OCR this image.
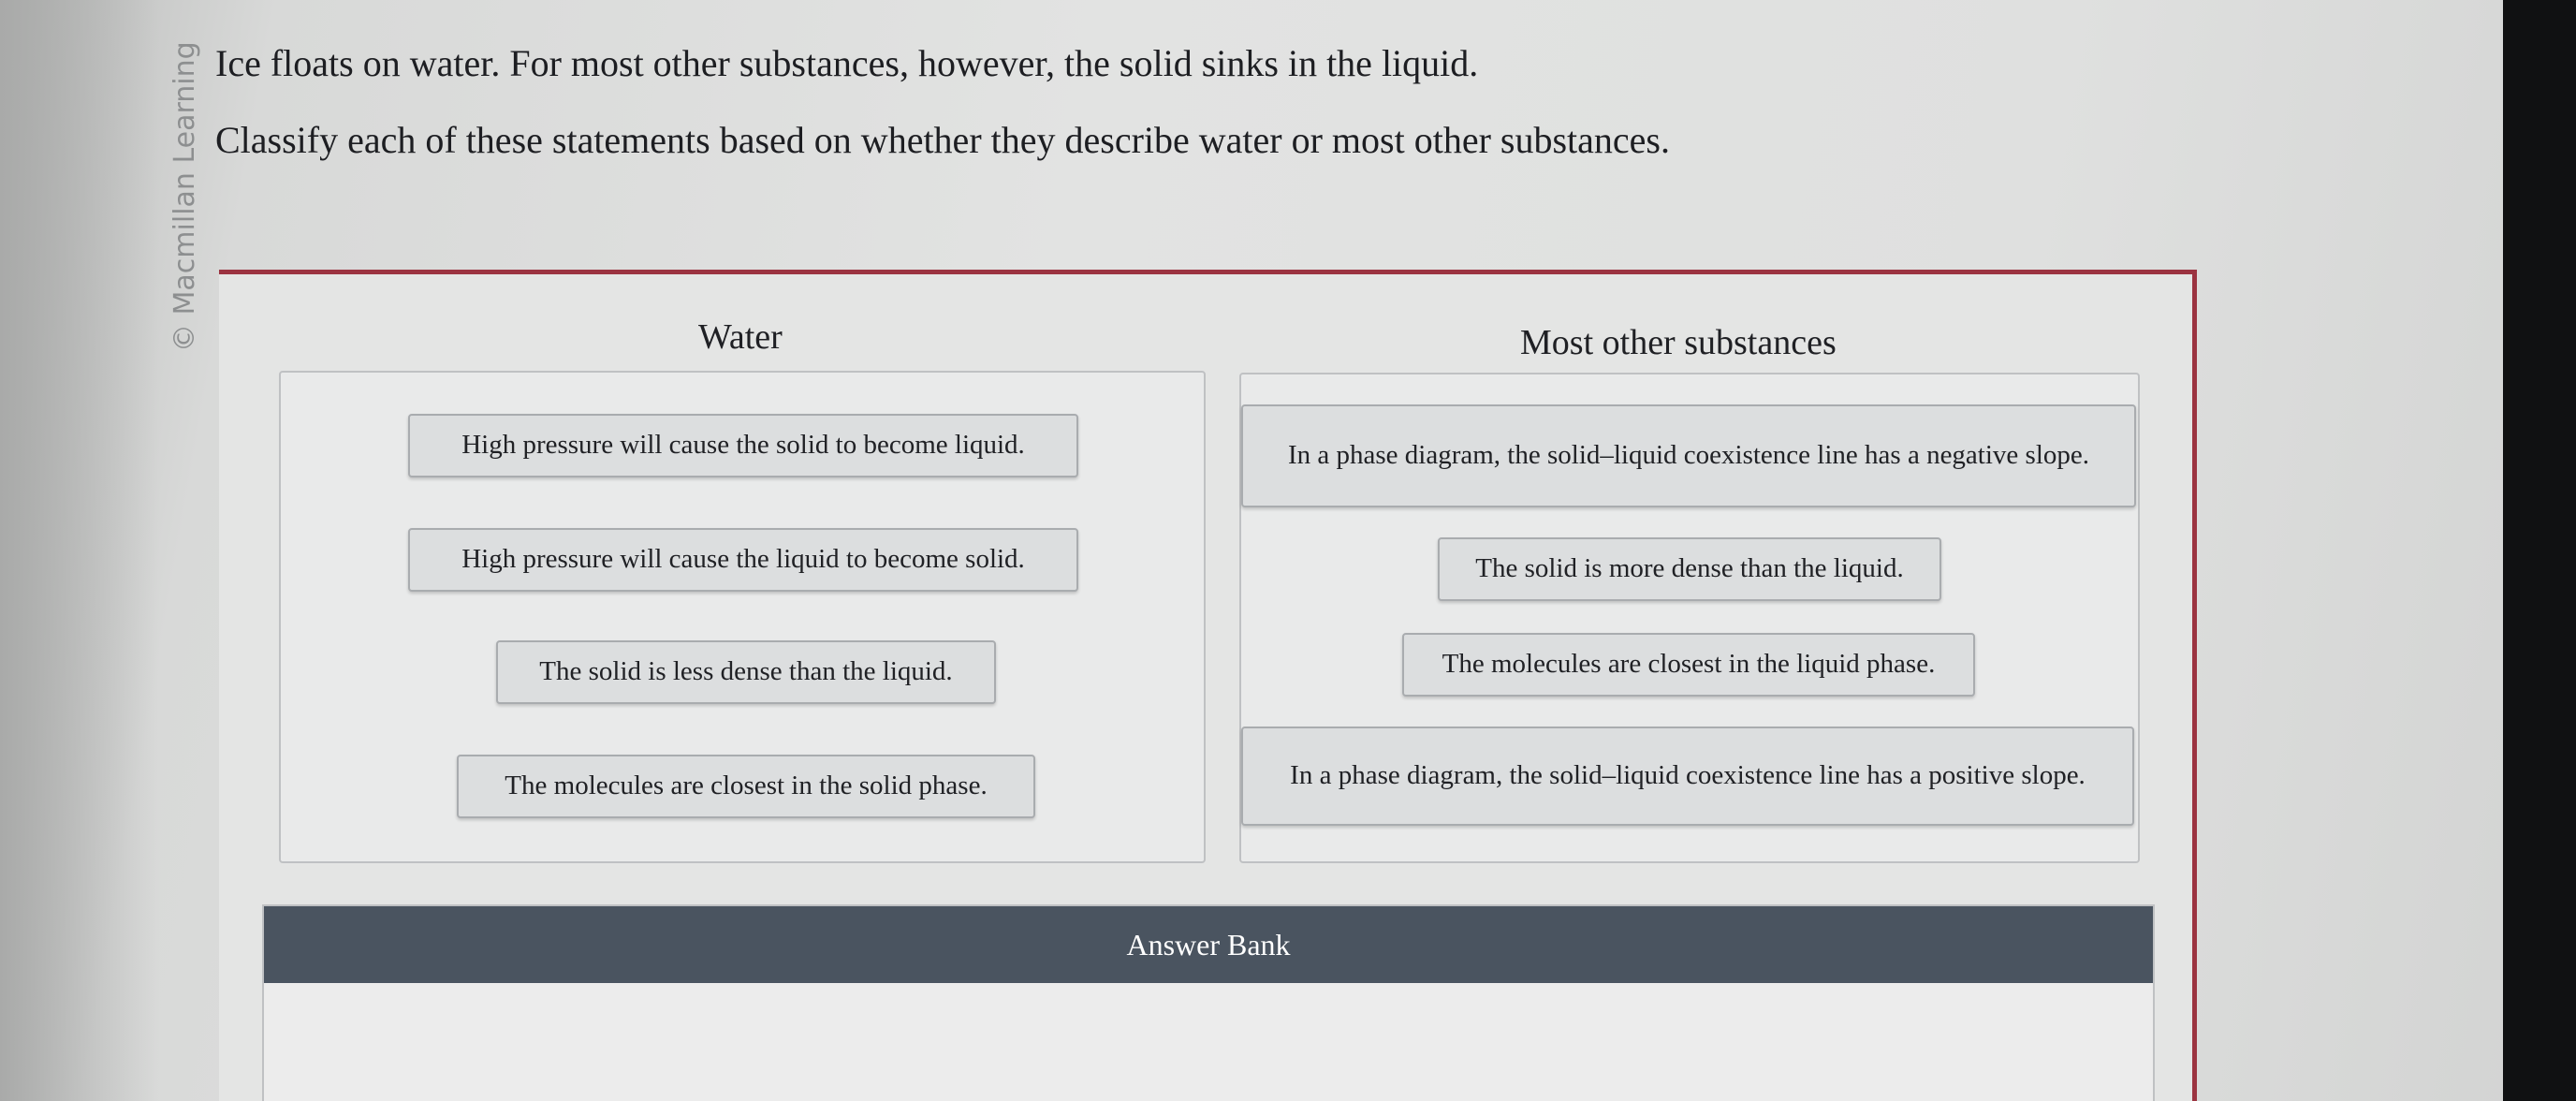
© Macmillan Learning Ice floats on water. For most other substances, however, the solid sinks in the liquid.
Classify each of these statements based on whether they describe water or most other substances.
Water
High pressure will cause the solid to become liquid.
High pressure will cause the liquid to become solid.
The solid is less dense than the liquid.
The molecules are closest in the solid phase.
Most other substances
In a phase diagram, the solid–liquid coexistence line has a negative slope.
The solid is more dense than the liquid.
The molecules are closest in the liquid phase.
In a phase diagram, the solid–liquid coexistence line has a positive slope.
Answer Bank
